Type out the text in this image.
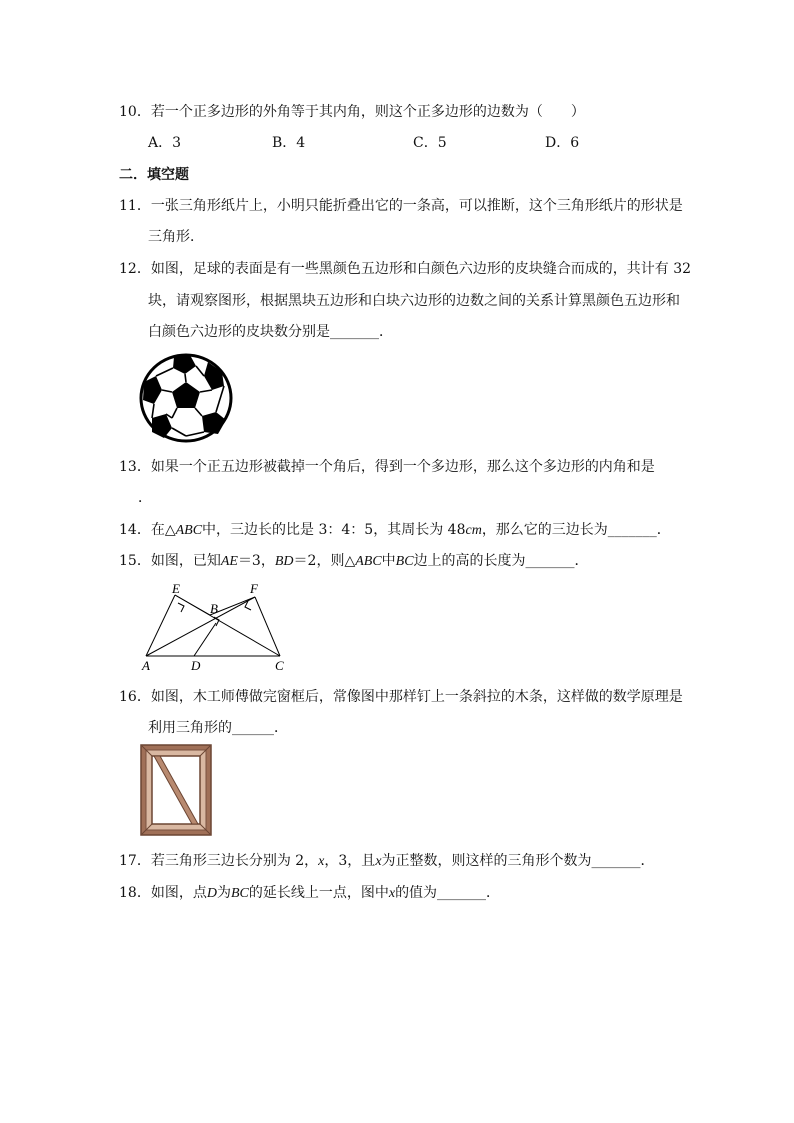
10．若一个正多边形的外角等于其内角，则这个正多边形的边数为（　　）
A．3	B．4	C．5	D．6
二．填空题
11．一张三角形纸片上，小明只能折叠出它的一条高，可以推断，这个三角形纸片的形状是
三角形．
12．如图，足球的表面是有一些黑颜色五边形和白颜色六边形的皮块缝合而成的，共计有 32
块，请观察图形，根据黑块五边形和白块六边形的边数之间的关系计算黑颜色五边形和
白颜色六边形的皮块数分别是_______．
13．如果一个正五边形被截掉一个角后，得到一个多边形，那么这个多边形的内角和是
．
14．在△ABC中，三边长的比是 3：4：5，其周长为 48cm，那么它的三边长为_______．
15．如图，已知AE＝3，BD＝2，则△ABC中BC边上的高的长度为_______．
E	F
B
A	D	C
16．如图，木工师傅做完窗框后，常像图中那样钉上一条斜拉的木条，这样做的数学原理是
利用三角形的______．
17．若三角形三边长分别为 2，x，3，且x为正整数，则这样的三角形个数为_______．
18．如图，点D为BC的延长线上一点，图中x的值为_______．
